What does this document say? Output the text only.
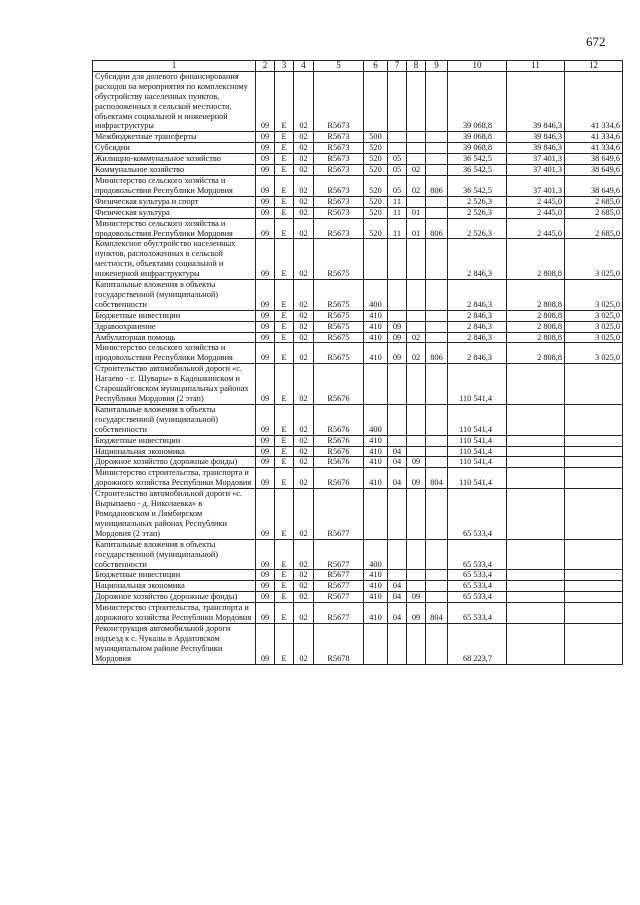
672
1	2	3	4	5	6	7	8	9	10	11	12
Субсидии для долевого финансирования расходов на мероприятия по комплексному обустройству населенных пунктов, расположенных в сельской местности, объектами социальной и инженерной инфраструктуры	09	Е	02	R5673					39 068,8	39 846,3	41 334,6
Межбюджетные трансферты	09	Е	02	R5673	500				39 068,8	39 846,3	41 334,6
Субсидии	09	Е	02	R5673	520				39 068,8	39 846,3	41 334,6
Жилищно-коммунальное хозяйство	09	Е	02	R5673	520	05			36 542,5	37 401,3	38 649,6
Коммунальное хозяйство	09	Е	02	R5673	520	05	02		36 542,5	37 401,3	38 649,6
Министерство сельского хозяйства и продовольствия Республики Мордовия	09	Е	02	R5673	520	05	02	806	36 542,5	37 401,3	38 649,6
Физическая культура и спорт	09	Е	02	R5673	520	11			2 526,3	2 445,0	2 685,0
Физическая культура	09	Е	02	R5673	520	11	01		2 526,3	2 445,0	2 685,0
Министерство сельского хозяйства и продовольствия Республики Мордовия	09	Е	02	R5673	520	11	01	806	2 526,3	2 445,0	2 685,0
Комплексное обустройство населенных пунктов, расположенных в сельской местности, объектами социальной и инженерной инфраструктуры	09	Е	02	R5675					2 846,3	2 808,8	3 025,0
Капитальные вложения в объекты государственной (муниципальной) собственности	09	Е	02	R5675	400				2 846,3	2 808,8	3 025,0
Бюджетные инвестиции	09	Е	02	R5675	410				2 846,3	2 808,8	3 025,0
Здравоохранение	09	Е	02	R5675	410	09			2 846,3	2 808,8	3 025,0
Амбулаторная помощь	09	Е	02	R5675	410	09	02		2 846,3	2 808,8	3 025,0
Министерство сельского хозяйства и продовольствия Республики Мордовия	09	Е	02	R5675	410	09	02	806	2 846,3	2 808,8	3 025,0
Строительство автомобильной дороги «с. Нагаево - с. Шувары» в Кадошкинском и Старошайговском муниципальных районах Республики Мордовия (2 этап)	09	Е	02	R5676					110 541,4		
Капитальные вложения в объекты государственной (муниципальной) собственности	09	Е	02	R5676	400				110 541,4		
Бюджетные инвестиции	09	Е	02	R5676	410				110 541,4		
Национальная экономика	09	Е	02	R5676	410	04			110 541,4		
Дорожное хозяйство (дорожные фонды)	09	Е	02	R5676	410	04	09		110 541,4		
Министерство строительства, транспорта и дорожного хозяйства Республики Мордовия	09	Е	02	R5676	410	04	09	804	110 541,4		
Строительство автомобильной дороги «с. Вырыпаево - д. Николаевка» в Ромодановском и Лямбирском муниципальных районах Республики Мордовия (2 этап)	09	Е	02	R5677					65 533,4		
Капитальные вложения в объекты государственной (муниципальной) собственности	09	Е	02	R5677	400				65 533,4		
Бюджетные инвестиции	09	Е	02	R5677	410				65 533,4		
Национальная экономика	09	Е	02	R5677	410	04			65 533,4		
Дорожное хозяйство (дорожные фонды)	09	Е	02	R5677	410	04	09		65 533,4		
Министерство строительства, транспорта и дорожного хозяйства Республики Мордовия	09	Е	02	R5677	410	04	09	804	65 533,4		
Реконструкция автомобильной дороги подъезд к с. Чукалы в Ардатовском муниципальном районе Республики Мордовия	09	Е	02	R5678					68 223,7		
